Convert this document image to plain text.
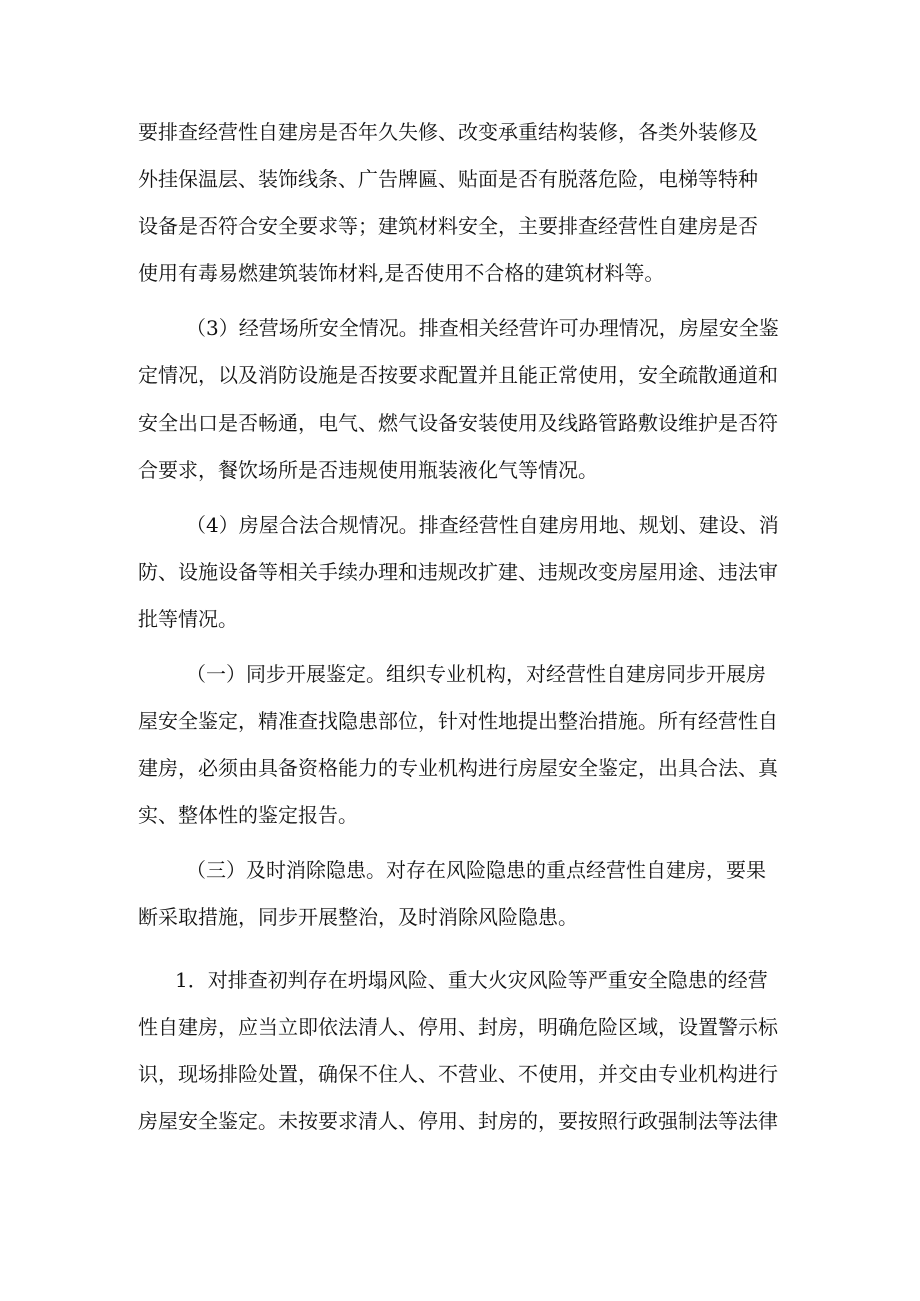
要排查经营性自建房是否年久失修、改变承重结构装修，各类外装修及
外挂保温层、装饰线条、广告牌匾、贴面是否有脱落危险，电梯等特种
设备是否符合安全要求等；建筑材料安全，主要排查经营性自建房是否
使用有毒易燃建筑装饰材料,是否使用不合格的建筑材料等。
（3）经营场所安全情况。排查相关经营许可办理情况，房屋安全鉴
定情况，以及消防设施是否按要求配置并且能正常使用，安全疏散通道和
安全出口是否畅通，电气、燃气设备安装使用及线路管路敷设维护是否符
合要求，餐饮场所是否违规使用瓶装液化气等情况。
（4）房屋合法合规情况。排查经营性自建房用地、规划、建设、消
防、设施设备等相关手续办理和违规改扩建、违规改变房屋用途、违法审
批等情况。
（一）同步开展鉴定。组织专业机构，对经营性自建房同步开展房
屋安全鉴定，精准查找隐患部位，针对性地提出整治措施。所有经营性自
建房，必须由具备资格能力的专业机构进行房屋安全鉴定，出具合法、真
实、整体性的鉴定报告。
（三）及时消除隐患。对存在风险隐患的重点经营性自建房，要果
断采取措施，同步开展整治，及时消除风险隐患。
1．对排查初判存在坍塌风险、重大火灾风险等严重安全隐患的经营
性自建房，应当立即依法清人、停用、封房，明确危险区域，设置警示标
识，现场排险处置，确保不住人、不营业、不使用，并交由专业机构进行
房屋安全鉴定。未按要求清人、停用、封房的，要按照行政强制法等法律
